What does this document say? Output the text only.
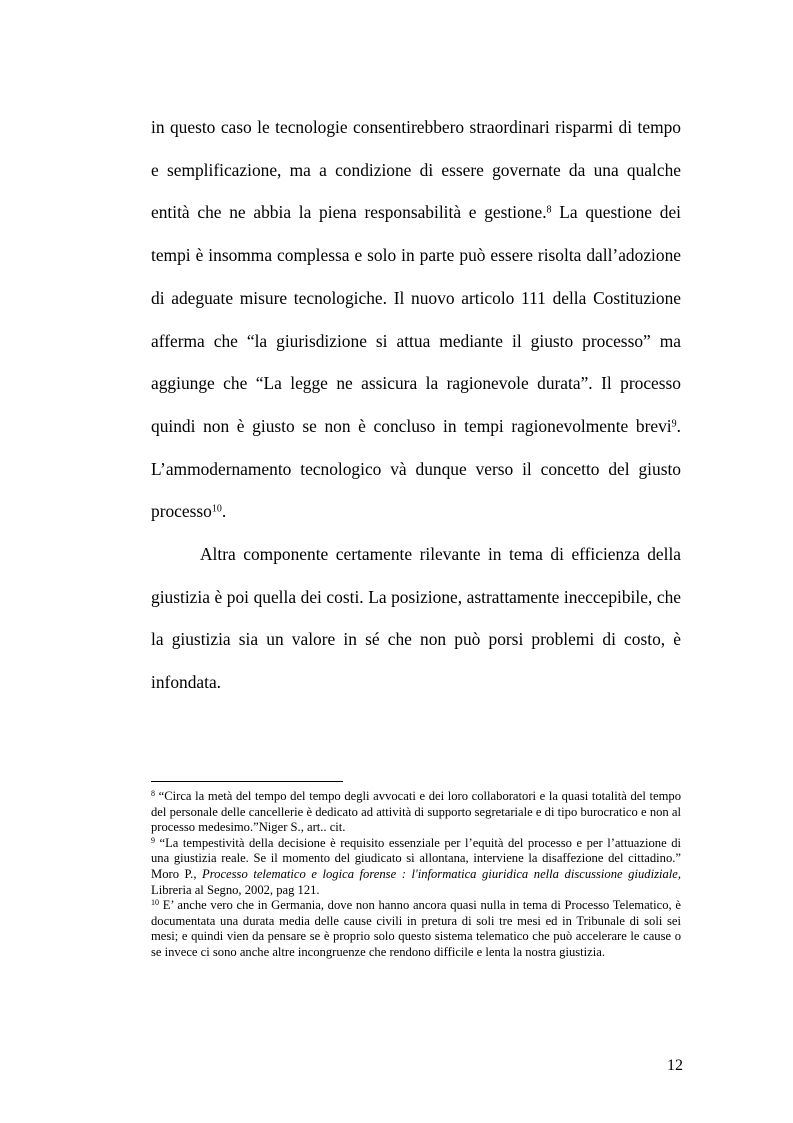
in questo caso le tecnologie consentirebbero straordinari risparmi di tempo e semplificazione, ma a condizione di essere governate da una qualche entità che ne abbia la piena responsabilità e gestione.$^8$ La questione dei tempi è insomma complessa e solo in parte può essere risolta dall’adozione di adeguate misure tecnologiche. Il nuovo articolo 111 della Costituzione afferma che “la giurisdizione si attua mediante il giusto processo” ma aggiunge che “La legge ne assicura la ragionevole durata”. Il processo quindi non è giusto se non è concluso in tempi ragionevolmente brevi$^9$. L’ammodernamento tecnologico và dunque verso il concetto del giusto processo$^{10}$.

Altra componente certamente rilevante in tema di efficienza della giustizia è poi quella dei costi. La posizione, astrattamente ineccepibile, che la giustizia sia un valore in sé che non può porsi problemi di costo, è infondata.

$^8$ “Circa la metà del tempo del tempo degli avvocati e dei loro collaboratori e la quasi totalità del tempo del personale delle cancellerie è dedicato ad attività di supporto segretariale e di tipo burocratico e non al processo medesimo.”Niger S., art.. cit.

$^9$ “La tempestività della decisione è requisito essenziale per l’equità del processo e per l’attuazione di una giustizia reale. Se il momento del giudicato si allontana, interviene la disaffezione del cittadino.” Moro P., Processo telematico e logica forense : l'informatica giuridica nella discussione giudiziale, Libreria al Segno, 2002, pag 121.

$^{10}$ E’ anche vero che in Germania, dove non hanno ancora quasi nulla in tema di Processo Telematico, è documentata una durata media delle cause civili in pretura di soli tre mesi ed in Tribunale di soli sei mesi; e quindi vien da pensare se è proprio solo questo sistema telematico che può accelerare le cause o se invece ci sono anche altre incongruenze che rendono difficile e lenta la nostra giustizia.

12
